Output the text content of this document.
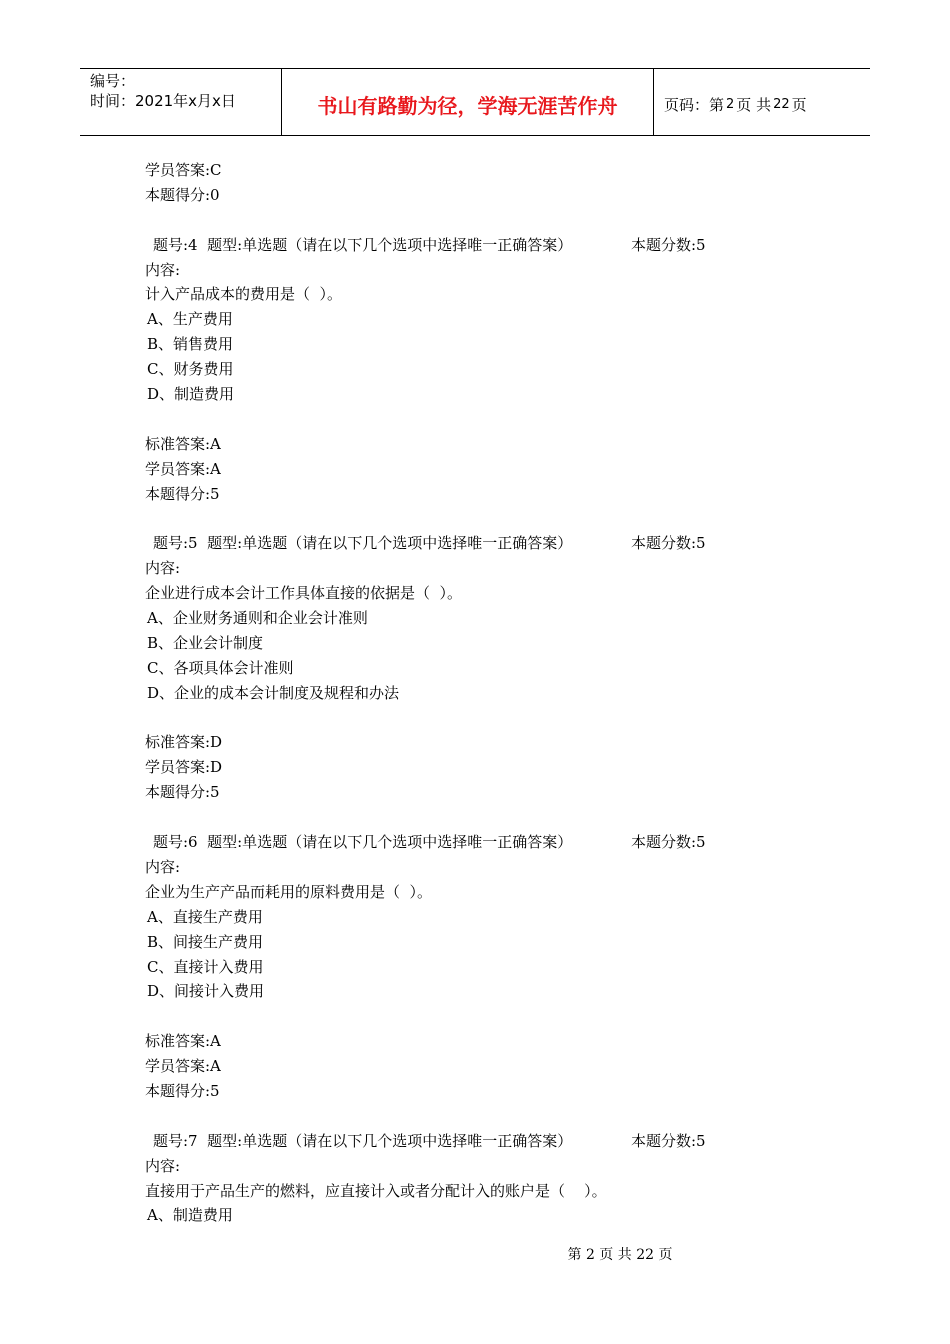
编号：
时间：2021年x月x日	书山有路勤为径，学海无涯苦作舟	页码：第 2 页 共 22 页
学员答案:C
本题得分:0
题号:4  题型:单选题（请在以下几个选项中选择唯一正确答案）	本题分数:5
内容:
计入产品成本的费用是（  ）。
A、生产费用
B、销售费用
C、财务费用
D、制造费用
标准答案:A
学员答案:A
本题得分:5
题号:5  题型:单选题（请在以下几个选项中选择唯一正确答案）	本题分数:5
内容:
企业进行成本会计工作具体直接的依据是（  ）。
A、企业财务通则和企业会计准则
B、企业会计制度
C、各项具体会计准则
D、企业的成本会计制度及规程和办法
标准答案:D
学员答案:D
本题得分:5
题号:6  题型:单选题（请在以下几个选项中选择唯一正确答案）	本题分数:5
内容:
企业为生产产品而耗用的原料费用是（  ）。
A、直接生产费用
B、间接生产费用
C、直接计入费用
D、间接计入费用
标准答案:A
学员答案:A
本题得分:5
题号:7  题型:单选题（请在以下几个选项中选择唯一正确答案）	本题分数:5
内容:
直接用于产品生产的燃料，应直接计入或者分配计入的账户是（    ）。
A、制造费用
第 2 页 共 22 页
